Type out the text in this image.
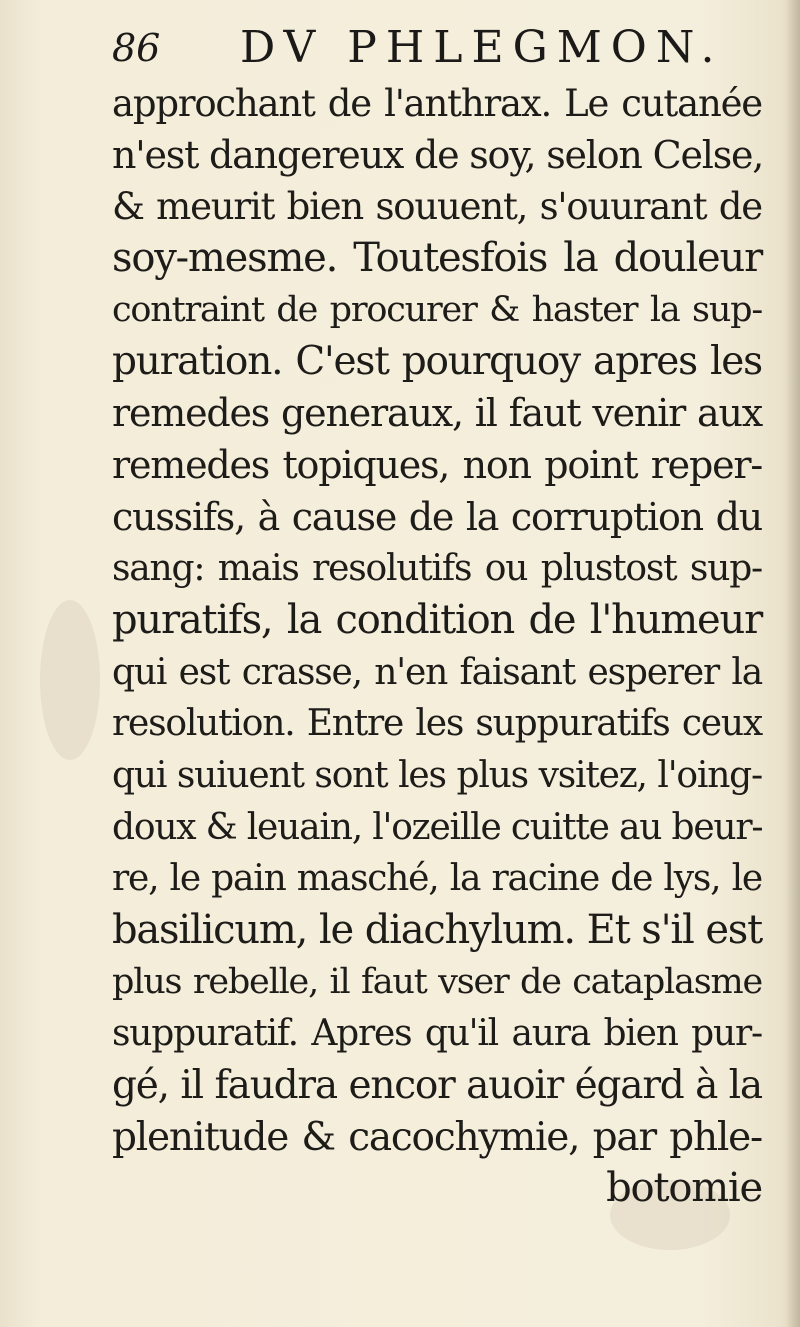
86 DV PHLEGMON.
approchant de l'anthrax. Le cutanée
n'est dangereux de soy, selon Celse,
& meurit bien souuent, s'ouurant de
soy-mesme. Toutesfois la douleur
contraint de procurer & haster la sup-
puration. C'est pourquoy apres les
remedes generaux, il faut venir aux
remedes topiques, non point reper-
cussifs, à cause de la corruption du
sang: mais resolutifs ou plustost sup-
puratifs, la condition de l'humeur
qui est crasse, n'en faisant esperer la
resolution. Entre les suppuratifs ceux
qui suiuent sont les plus vsitez, l'oing-
doux & leuain, l'ozeille cuitte au beur-
re, le pain masché, la racine de lys, le
basilicum, le diachylum. Et s'il est
plus rebelle, il faut vser de cataplasme
suppuratif. Apres qu'il aura bien pur-
gé, il faudra encor auoir égard à la
plenitude & cacochymie, par phle-
botomie
